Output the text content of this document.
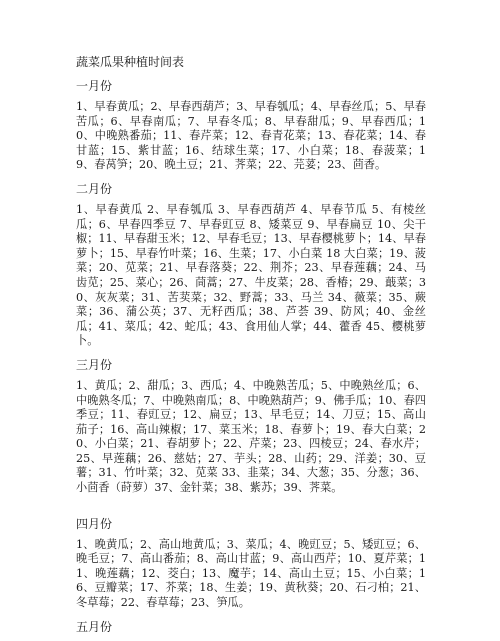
蔬菜瓜果种植时间表
一月份

1、早春黄瓜；2、早春西葫芦；3、早春瓠瓜；4、早春丝瓜；5、早春苦瓜；6、早春南瓜；7、早春冬瓜；8、早春甜瓜；9、早春西瓜；10、中晚熟番茄；11、春芹菜；12、春青花菜；13、春花菜；14、春甘蓝；15、紫甘蓝；16、结球生菜；17、小白菜；18、春菠菜；19、春莴笋；20、晚土豆；21、荠菜；22、芫荽；23、茴香。

二月份

1、早春黄瓜 2、早春瓠瓜 3、早春西葫芦 4、早春节瓜 5、有棱丝瓜；6、早春四季豆 7、早春豇豆 8、矮菜豆 9、早春扁豆 10、尖干椒；11、早春甜玉米；12、早春毛豆；13、早春樱桃萝卜；14、早春萝卜；15、早春竹叶菜；16、生菜；17、小白菜 18 大白菜；19、菠菜；20、苋菜；21、早春落葵；22、荆芥；23、早春莲藕；24、马齿苋；25、菜心；26、茼蒿；27、牛皮菜；28、香椿；29、蕺菜；30、灰灰菜；31、苦荬菜；32、野蒿；33、马兰 34、薇菜；35、蕨菜；36、蒲公英；37、无籽西瓜；38、芦荟 39、防风；40、金丝瓜；41、菜瓜；42、蛇瓜；43、食用仙人掌；44、藿香 45、樱桃萝卜。

三月份

1、黄瓜；2、甜瓜；3、西瓜；4、中晚熟苦瓜；5、中晚熟丝瓜；6、中晚熟冬瓜；7、中晚熟南瓜；8、中晚熟葫芦；9、佛手瓜；10、春四季豆；11、春豇豆；12、扁豆；13、早毛豆；14、刀豆；15、高山茄子；16、高山辣椒；17、菜玉米；18、春萝卜；19、春大白菜；20、小白菜；21、春胡萝卜；22、芹菜；23、四棱豆；24、春水芹；25、早莲藕；26、慈姑；27、芋头；28、山药；29、洋姜；30、豆薯；31、竹叶菜；32、苋菜 33、韭菜；34、大葱；35、分葱；36、小茴香（莳萝）37、金针菜；38、紫苏；39、荠菜。

四月份

1、晚黄瓜；2、高山地黄瓜；3、菜瓜；4、晚豇豆；5、矮豇豆；6、晚毛豆；7、高山番茄；8、高山甘蓝；9、高山西芹；10、夏芹菜；11、晚莲藕；12、茭白；13、魔芋；14、高山土豆；15、小白菜；16、豆瓣菜；17、芥菜；18、生姜；19、黄秋葵；20、石刁柏；21、冬草莓；22、春草莓；23、笋瓜。

五月份
